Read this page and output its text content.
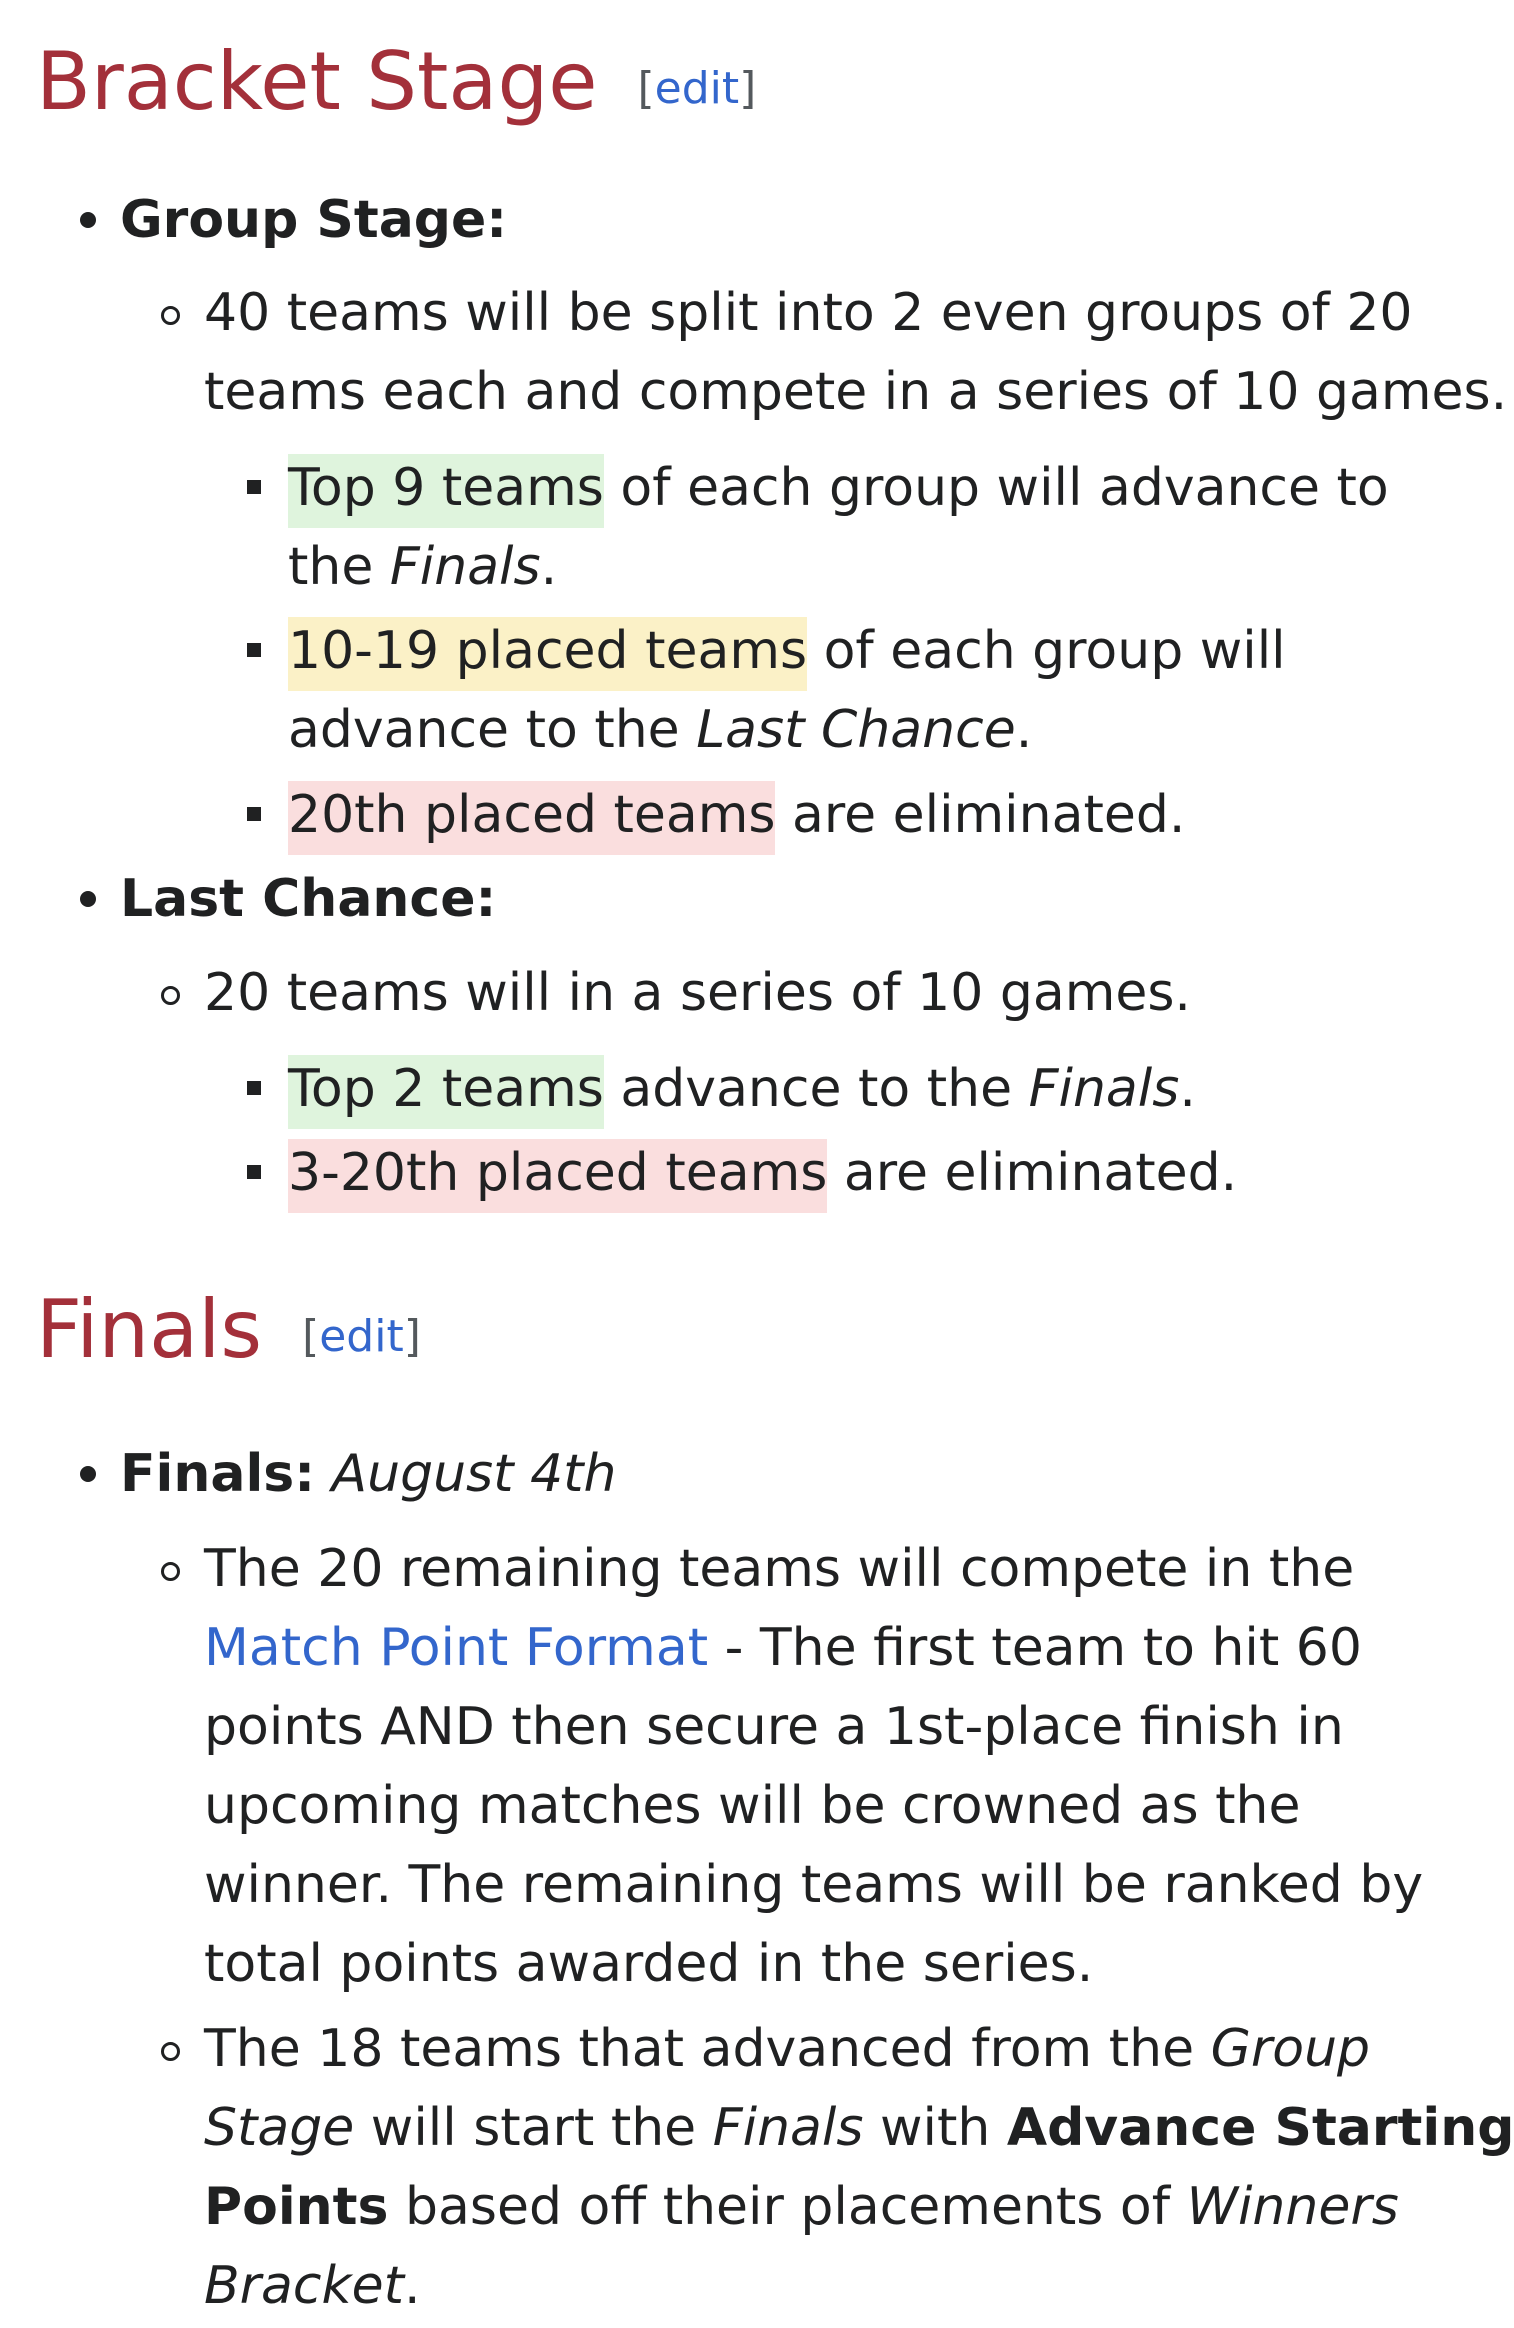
Bracket Stage [edit]
Group Stage:
40 teams will be split into 2 even groups of 20
teams each and compete in a series of 10 games.
Top 9 teams of each group will advance to
the Finals.
10-19 placed teams of each group will
advance to the Last Chance.
20th placed teams are eliminated.
Last Chance:
20 teams will in a series of 10 games.
Top 2 teams advance to the Finals.
3-20th placed teams are eliminated.
Finals [edit]
Finals: August 4th
The 20 remaining teams will compete in the
Match Point Format - The first team to hit 60
points AND then secure a 1st-place finish in
upcoming matches will be crowned as the
winner. The remaining teams will be ranked by
total points awarded in the series.
The 18 teams that advanced from the Group
Stage will start the Finals with Advance Starting
Points based off their placements of Winners
Bracket.
